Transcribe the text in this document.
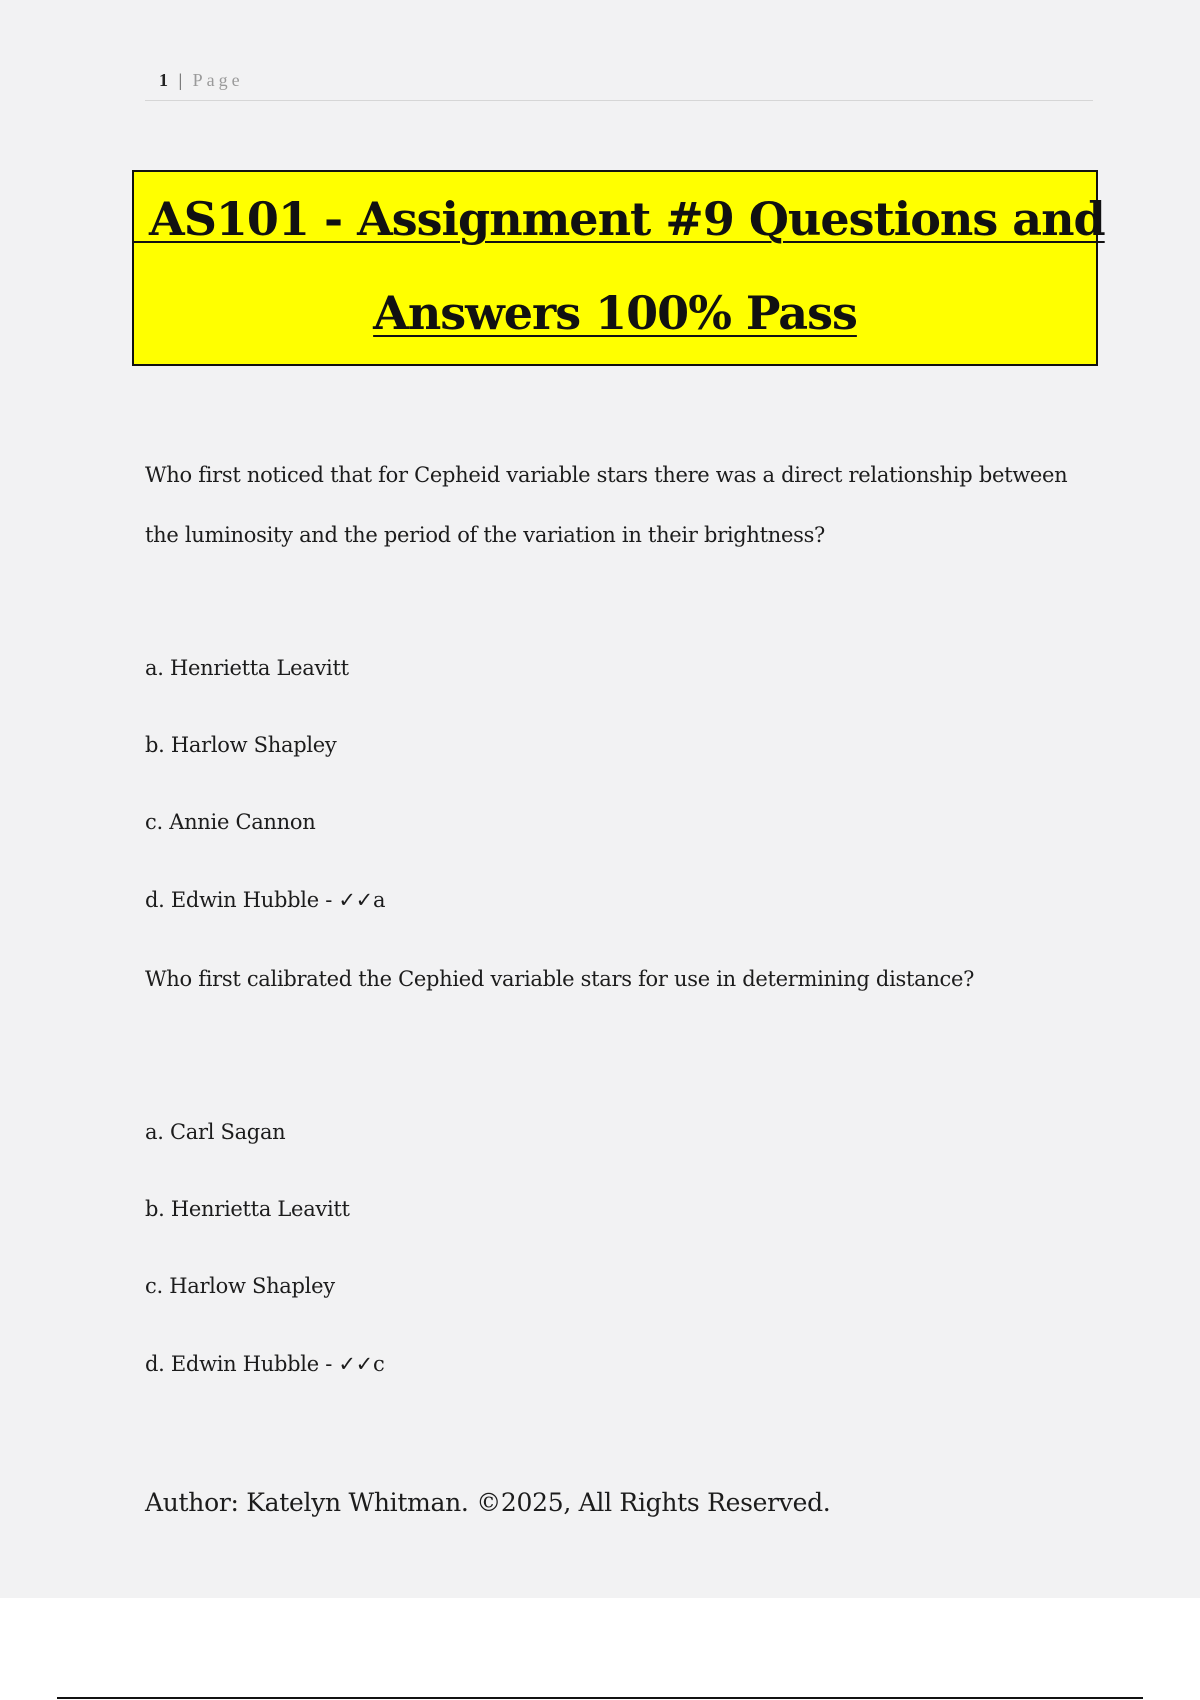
1 | Page
AS101 - Assignment #9 Questions and
Answers 100% Pass
Who first noticed that for Cepheid variable stars there was a direct relationship between the luminosity and the period of the variation in their brightness?
a. Henrietta Leavitt
b. Harlow Shapley
c. Annie Cannon
d. Edwin Hubble - ✓✓a
Who first calibrated the Cephied variable stars for use in determining distance?
a. Carl Sagan
b. Henrietta Leavitt
c. Harlow Shapley
d. Edwin Hubble - ✓✓c
Author: Katelyn Whitman. ©2025, All Rights Reserved.
